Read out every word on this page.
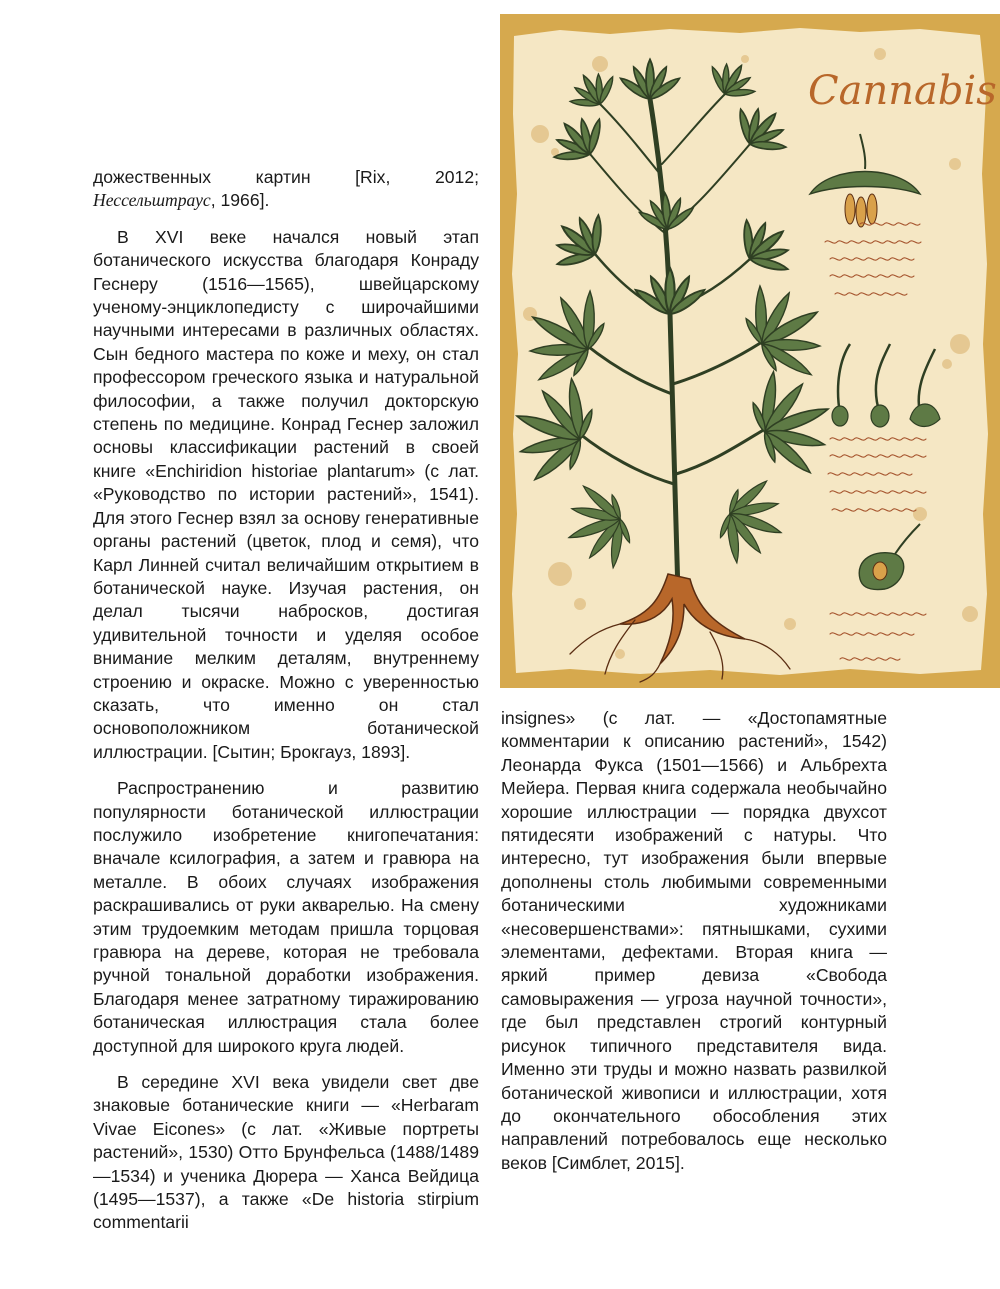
дожественных картин [Rix, 2012; Нессельштраус, 1966].

В XVI веке начался новый этап ботанического искусства благодаря Конраду Геснеру (1516—1565), швейцарскому ученому-энциклопедисту с широчайшими научными интересами в различных областях. Сын бедного мастера по коже и меху, он стал профессором греческого языка и натуральной философии, а также получил докторскую степень по медицине. Конрад Геснер заложил основы классификации растений в своей книге «Enchiridion historiae plantarum» (с лат. «Руководство по истории растений», 1541). Для этого Геснер взял за основу генеративные органы растений (цветок, плод и семя), что Карл Линней считал величайшим открытием в ботанической науке. Изучая растения, он делал тысячи набросков, достигая удивительной точности и уделяя особое внимание мелким деталям, внутреннему строению и окраске. Можно с уверенностью сказать, что именно он стал основоположником ботанической иллюстрации. [Сытин; Брокгауз, 1893].

Распространению и развитию популярности ботанической иллюстрации послужило изобретение книгопечатания: вначале ксилография, а затем и гравюра на металле. В обоих случаях изображения раскрашивались от руки акварелью. На смену этим трудоемким методам пришла торцовая гравюра на дереве, которая не требовала ручной тональной доработки изображения. Благодаря менее затратному тиражированию ботаническая иллюстрация стала более доступной для широкого круга людей.

В середине XVI века увидели свет две знаковые ботанические книги — «Herbaram Vivae Eicones» (с лат. «Живые портреты растений», 1530) Отто Брунфельса (1488/1489—1534) и ученика Дюрера — Ханса Вейдица (1495—1537), а также «De historia stirpium commentarii

Cannabis

insignes» (с лат. — «Достопамятные комментарии к описанию растений», 1542) Леонарда Фукса (1501—1566) и Альбрехта Мейера. Первая книга содержала необычайно хорошие иллюстрации — порядка двухсот пятидесяти изображений с натуры. Что интересно, тут изображения были впервые дополнены столь любимыми современными ботаническими художниками «несовершенствами»: пятнышками, сухими элементами, дефектами. Вторая книга — яркий пример девиза «Свобода самовыражения — угроза научной точности», где был представлен строгий контурный рисунок типичного представителя вида. Именно эти труды и можно назвать развилкой ботанической живописи и иллюстрации, хотя до окончательного обособления этих направлений потребовалось еще несколько веков [Симблет, 2015].
